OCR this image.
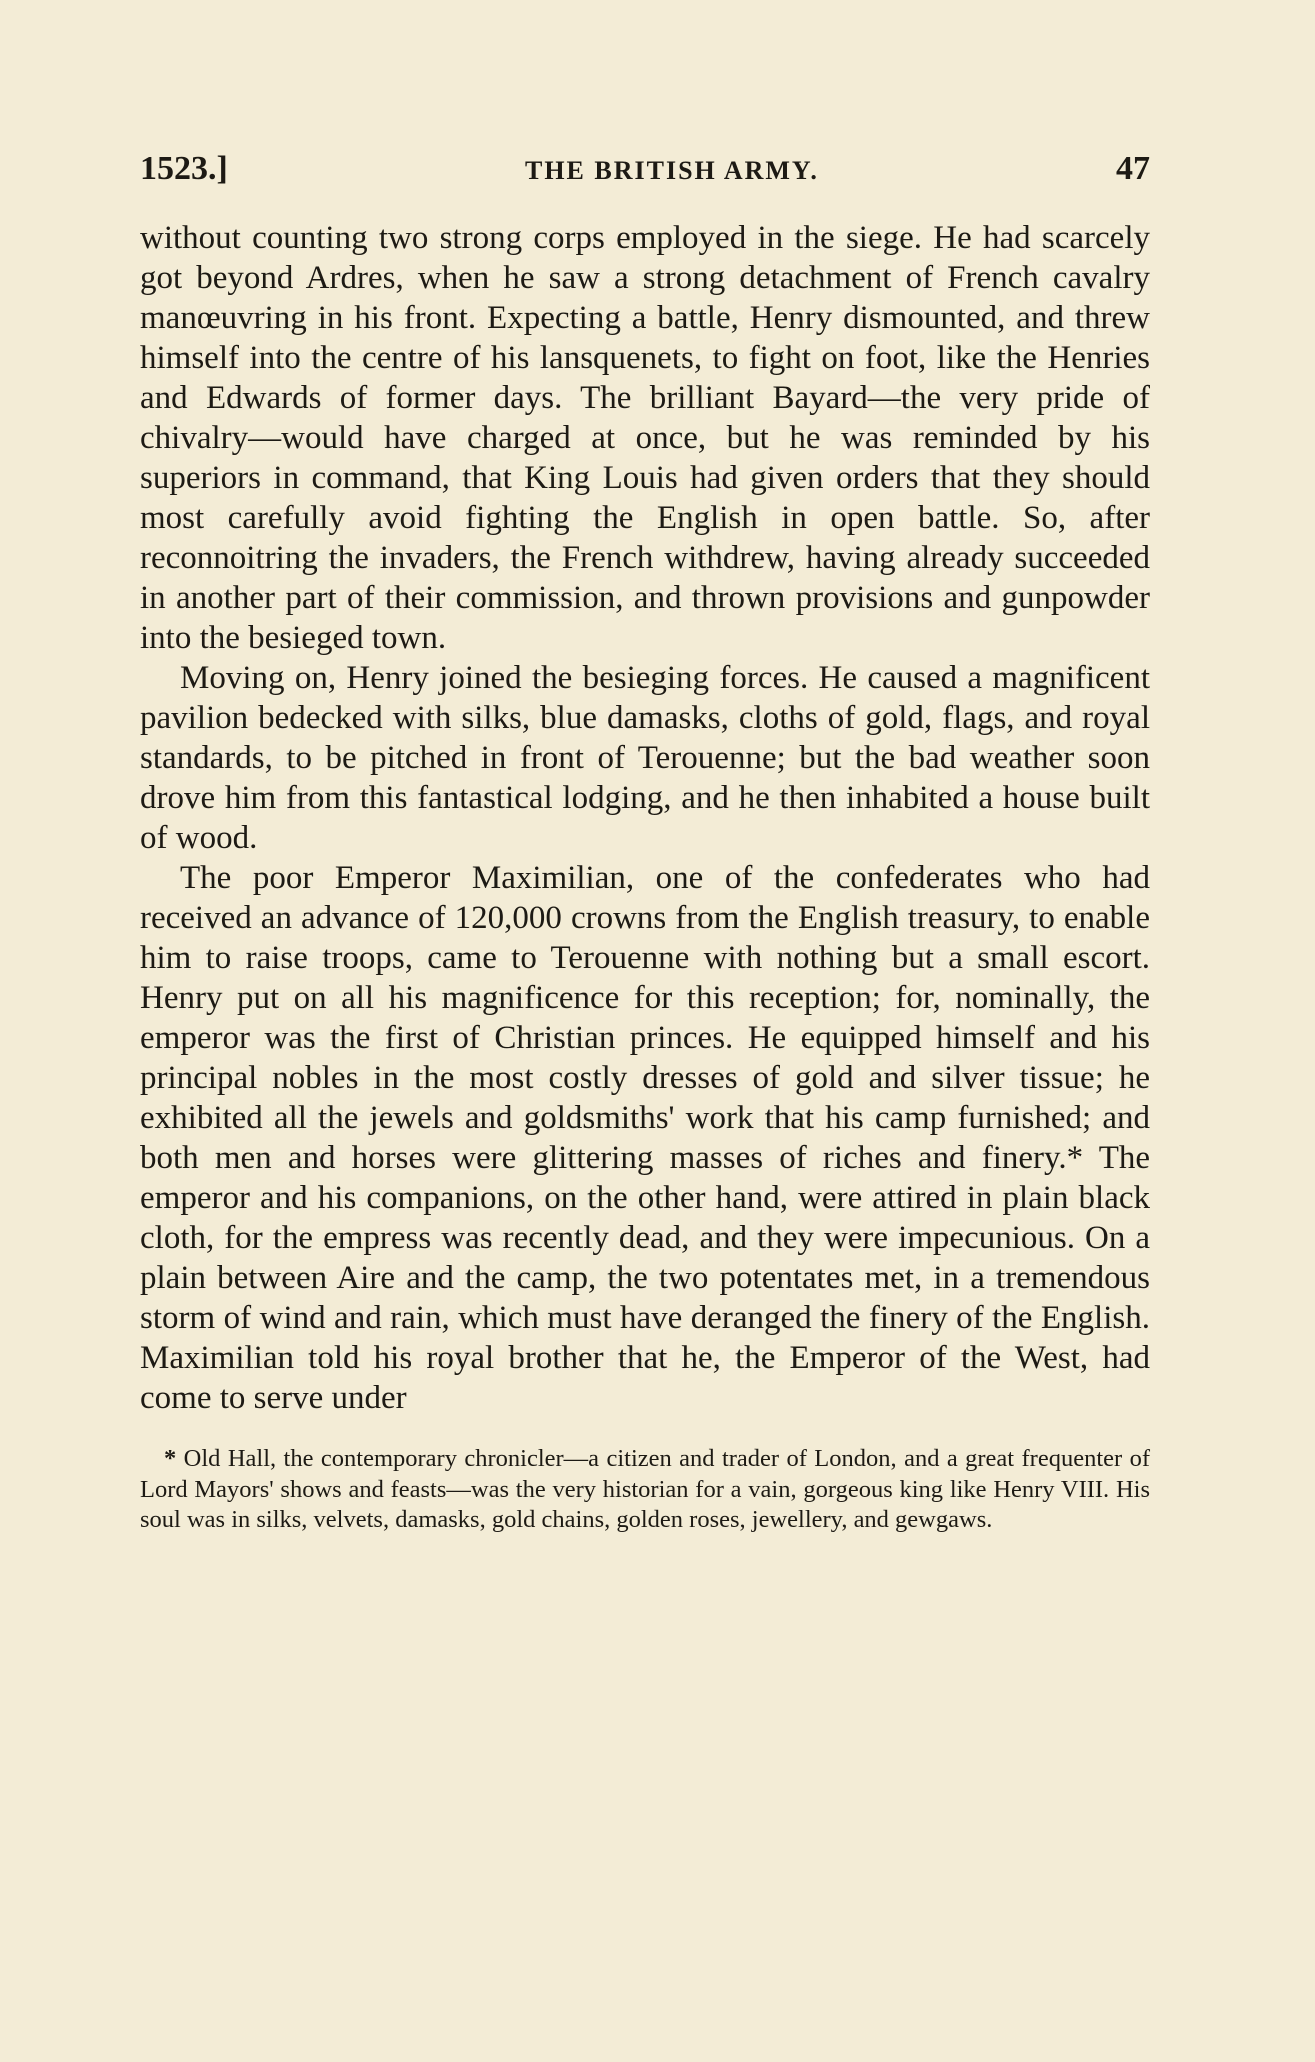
1523.]	THE BRITISH ARMY.	47

without counting two strong corps employed in the siege. He had scarcely got beyond Ardres, when he saw a strong detachment of French cavalry manœuvring in his front. Expecting a battle, Henry dismounted, and threw himself into the centre of his lansquenets, to fight on foot, like the Henries and Edwards of former days. The brilliant Bayard—the very pride of chivalry—would have charged at once, but he was reminded by his superiors in command, that King Louis had given orders that they should most carefully avoid fighting the English in open battle. So, after reconnoitring the invaders, the French withdrew, having already succeeded in another part of their commission, and thrown provisions and gunpowder into the besieged town.

Moving on, Henry joined the besieging forces. He caused a magnificent pavilion bedecked with silks, blue damasks, cloths of gold, flags, and royal standards, to be pitched in front of Terouenne; but the bad weather soon drove him from this fantastical lodging, and he then inhabited a house built of wood.

The poor Emperor Maximilian, one of the confederates who had received an advance of 120,000 crowns from the English treasury, to enable him to raise troops, came to Terouenne with nothing but a small escort. Henry put on all his magnificence for this reception; for, nominally, the emperor was the first of Christian princes. He equipped himself and his principal nobles in the most costly dresses of gold and silver tissue; he exhibited all the jewels and goldsmiths' work that his camp furnished; and both men and horses were glittering masses of riches and finery.* The emperor and his companions, on the other hand, were attired in plain black cloth, for the empress was recently dead, and they were impecunious. On a plain between Aire and the camp, the two potentates met, in a tremendous storm of wind and rain, which must have deranged the finery of the English. Maximilian told his royal brother that he, the Emperor of the West, had come to serve under

* Old Hall, the contemporary chronicler—a citizen and trader of London, and a great frequenter of Lord Mayors' shows and feasts—was the very historian for a vain, gorgeous king like Henry VIII. His soul was in silks, velvets, damasks, gold chains, golden roses, jewellery, and gewgaws.
